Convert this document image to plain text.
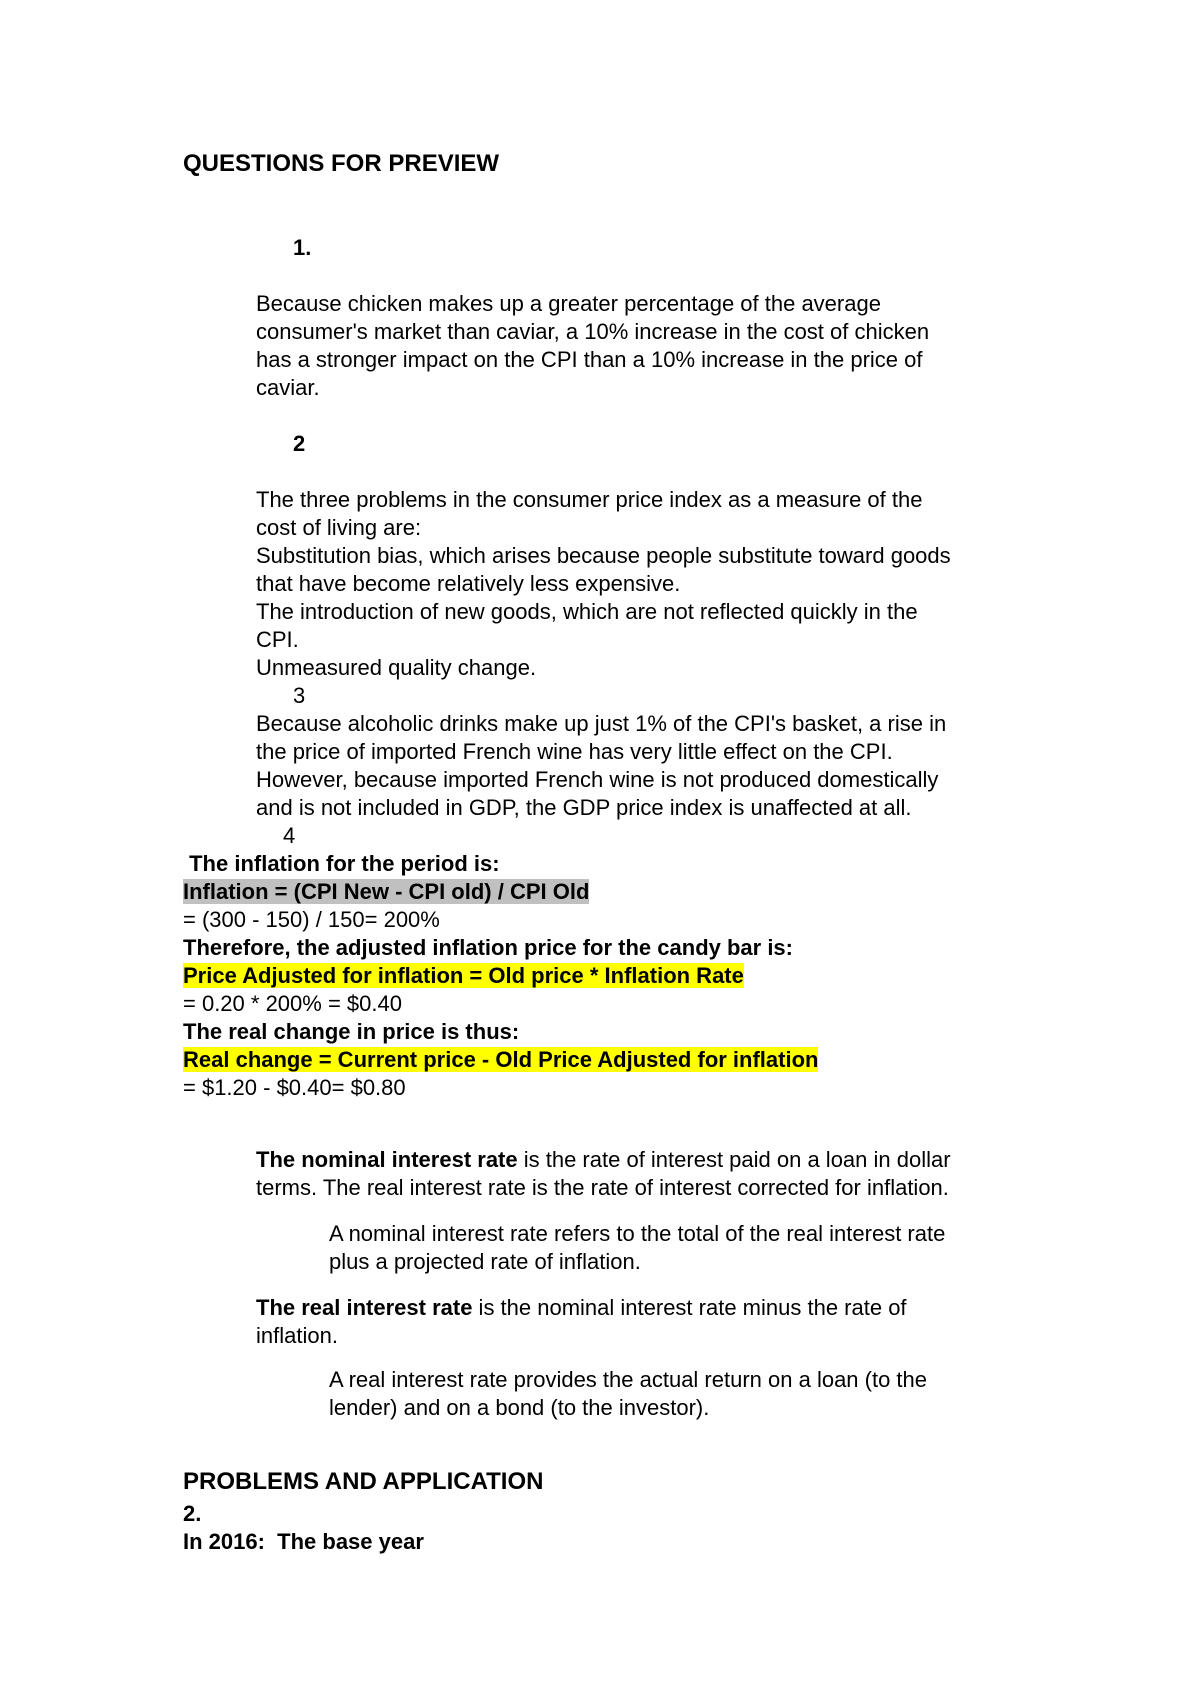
QUESTIONS FOR PREVIEW
1.
Because chicken makes up a greater percentage of the average
consumer's market than caviar, a 10% increase in the cost of chicken
has a stronger impact on the CPI than a 10% increase in the price of
caviar.
2
The three problems in the consumer price index as a measure of the
cost of living are:
Substitution bias, which arises because people substitute toward goods
that have become relatively less expensive.
The introduction of new goods, which are not reflected quickly in the
CPI.
Unmeasured quality change.
3
Because alcoholic drinks make up just 1% of the CPI's basket, a rise in
the price of imported French wine has very little effect on the CPI.
However, because imported French wine is not produced domestically
and is not included in GDP, the GDP price index is unaffected at all.
4
The inflation for the period is:
Inflation = (CPI New - CPI old) / CPI Old
= (300 - 150) / 150= 200%
Therefore, the adjusted inflation price for the candy bar is:
Price Adjusted for inflation = Old price * Inflation Rate
= 0.20 * 200% = $0.40
The real change in price is thus:
Real change = Current price - Old Price Adjusted for inflation
= $1.20 - $0.40= $0.80
The nominal interest rate is the rate of interest paid on a loan in dollar
terms. The real interest rate is the rate of interest corrected for inflation.
A nominal interest rate refers to the total of the real interest rate
plus a projected rate of inflation.
The real interest rate is the nominal interest rate minus the rate of
inflation.
A real interest rate provides the actual return on a loan (to the
lender) and on a bond (to the investor).
PROBLEMS AND APPLICATION
2.
In 2016:  The base year
